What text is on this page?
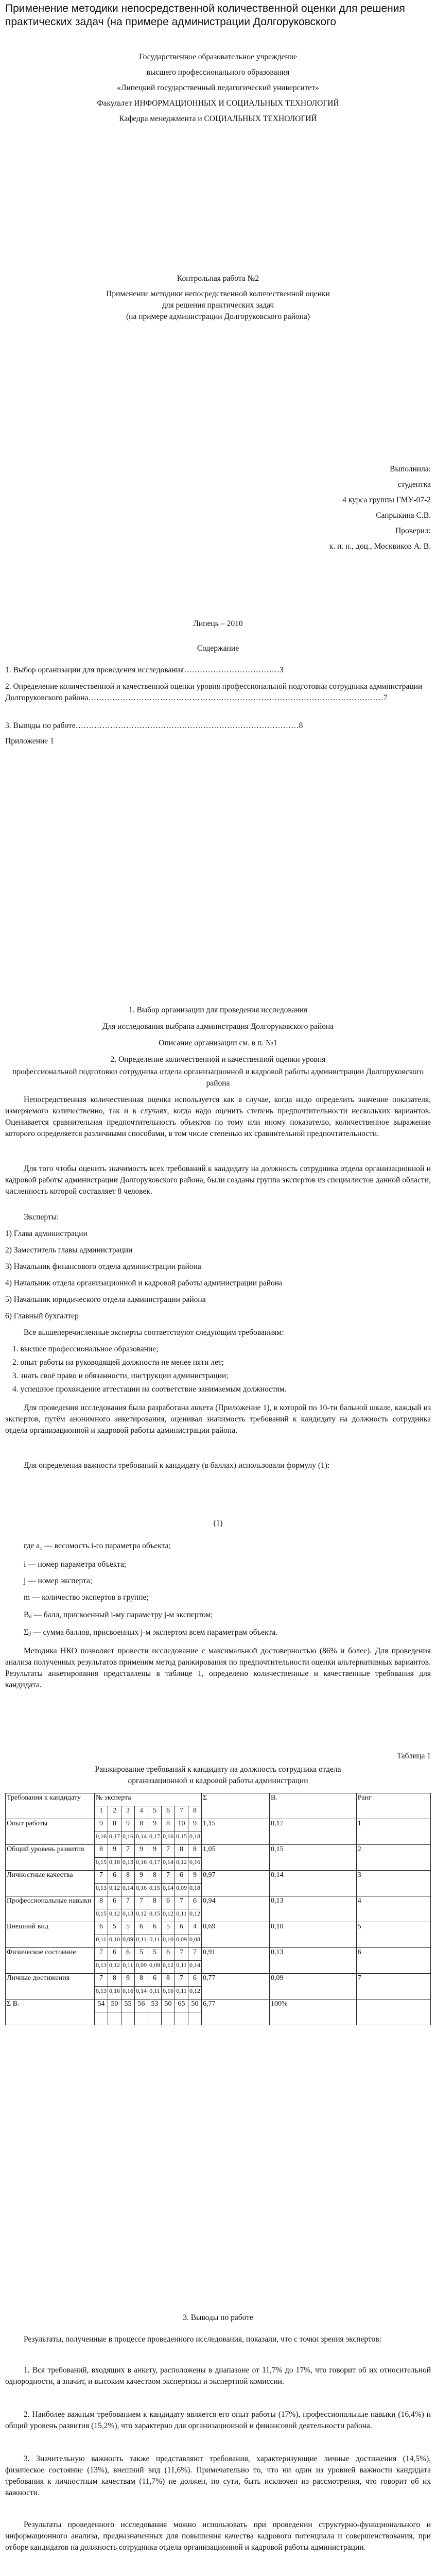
Применение методики непосредственной количественной оценки для решения практических задач (на примере администрации Долгоруковского
Государственное образовательное учреждение
высшего профессионального образования
«Липецкий государственный педагогический университет»
Факультет ИНФОРМАЦИОННЫХ И СОЦИАЛЬНЫХ ТЕХНОЛОГИЙ
Кафедра менеджмента и СОЦИАЛЬНЫХ ТЕХНОЛОГИЙ
Контрольная работа №2
Применение методики непосредственной количественной оценки
для решения практических задач
(на примере администрации Долгоруковского района)
Выполнила:
студентка
4 курса группы ГМУ-07-2
Сапрыкина С.В.
Проверил:
к. п. н., доц., Москвиков А. В.
Липецк – 2010
Содержание
1. Выбор организации для проведения исследования………………………………3
2. Определение количественной и качественной оценки уровня профессиональной подготовки сотрудника администрации Долгоруковского района…………………………………………………………………………………………………7
3. Выводы по работе…………………………………………………………………………8
Приложение 1
1. Выбор организации для проведения исследования
Для исследования выбрана администрация Долгоруковского района
Описание организации см. в п. №1
2. Определение количественной и качественной оценки уровня
профессиональной подготовки сотрудника отдела организационной и кадровой работы администрации Долгоруковского района
Непосредственная количественная оценка используется как в случае, когда надо определить значение показателя, измеряемого количественно, так и в случаях, когда надо оценить степень предпочтительности нескольких вариантов. Оценивается сравнительная предпочтительность объектов по тому или иному показателю, количественное выражение которого определяется различными способами, в том числе степенью их сравнительной предпочтительности.
Для того чтобы оценить значимость всех требований к кандидату на должность сотрудника отдела организационной и кадровой работы администрации Долгоруковского района, были созданы группа экспертов из специалистов данной области, численность которой составляет 8 человек.
Эксперты:
1) Глава администрации
2) Заместитель главы администрации
3) Начальник финансового отдела администрации района
4) Начальник отдела организационной и кадровой работы администрации района
5) Начальник юридического отдела администрации района
6) Главный бухгалтер
Все вышеперечисленные эксперты соответствуют следующим требованиям:
1. высшее профессиональное образование;
2. опыт работы на руководящей должности не менее пяти лет;
3. знать своё право и обязанности, инструкции администрации;
4. успешное прохождение аттестации на соответствие занимаемым должностям.
Для проведения исследования была разработана анкета (Приложение 1), в которой по 10-ти бальной шкале, каждый из экспертов, путём анонимного анкетирования, оценивал значимость требований к кандидату на должность сотрудника отдела организационной и кадровой работы администрации района.
Для определения важности требований к кандидату (в баллах) использовали формулу (1):
(1)
где a₁ — весомость i-го параметра объекта;
i — номер параметра объекта;
j — номер эксперта;
m — количество экспертов в группе;
Bᵢⱼ — балл, присвоенный i-му параметру j-м экспертом;
Σ⁠ᵢⱼ — сумма баллов, присвоенных j-м экспертом всем параметрам объекта.
Методика НКО позволяет провести исследование с максимальной достоверностью (86% и более). Для проведения анализа полученных результатов применим метод ранжирования по предпочтительности оценки альтернативных вариантов. Результаты анкетирования представлены в таблице 1, определено количественные и качественные требования для кандидата.
Таблица 1
Ранжирование требований к кандидату на должность сотрудника отдела
организационной и кадровой работы администрации
Требования к кандидату	№ эксперта								Σ	Bᵢ	Ранг
	1	2	3	4	5	6	7	8			
Опыт работы	9	8	9	8	9	8	10	9	1,15	0,17	1
	0,16	0,17	0,16	0,14	0,17	0,16	0,15	0,18			
Общий уровень развития	8	9	7	9	9	7	8	8	1,05	0,15	2
	0,15	0,18	0,13	0,16	0,17	0,14	0,12	0,16			
Личностные качества	7	6	8	9	8	7	6	9	0,97	0,14	3
	0,13	0,12	0,14	0,16	0,15	0,14	0,09	0,18			
Профессиональные навыки	8	6	7	7	8	6	7	6	0,94	0,13	4
	0,15	0,12	0,13	0,12	0,15	0,12	0,11	0,12			
Внешний вид	6	5	5	6	6	5	6	4	0,69	0,10	5
	0,11	0,10	0,09	0,11	0,11	0,10	0,09	0,08			
Физическое состояние	7	6	6	5	5	6	7	7	0,91	0,13	6
	0,13	0,12	0,11	0,09	0,09	0,12	0,11	0,14			
Личные достижения	7	8	9	8	6	8	7	6	0,77	0,09	7
	0,13	0,16	0,16	0,14	0,11	0,16	0,11	0,12			
Σ Bᵢ	54	50	55	56	53	50	65	50	6,77	100%	

3. Выводы по работе
Результаты, полученные в процессе проведенного исследования, показали, что с точки зрения экспертов:
1. Вся требований, входящих в анкету, расположены в диапазоне от 11,7% до 17%, что говорит об их относительной однородности, а значит, и высоким качеством экспертизы и экспертной комиссии.
2. Наиболее важным требованием к кандидату является его опыт работы (17%), профессиональные навыки (16,4%) и общий уровень развития (15,2%), что характерно для организационной и финансовой деятельности района.
3. Значительную важность также представляют требования, характеризующие личные достижения (14,5%), физическое состояние (13%), внешний вид (11,6%). Примечательно то, что ни один из уровней важности кандидата требования к личностным качествам (11,7%) не должен, по сути, быть исключен из рассмотрения, что говорит об их важности.
Результаты проведенного исследования можно использовать при проведении структурно-функционального и информационного анализа, предназначенных для повышения качества кадрового потенциала и совершенствования, при отборе кандидатов на должность сотрудника отдела организационной и кадровой работы администрации.
